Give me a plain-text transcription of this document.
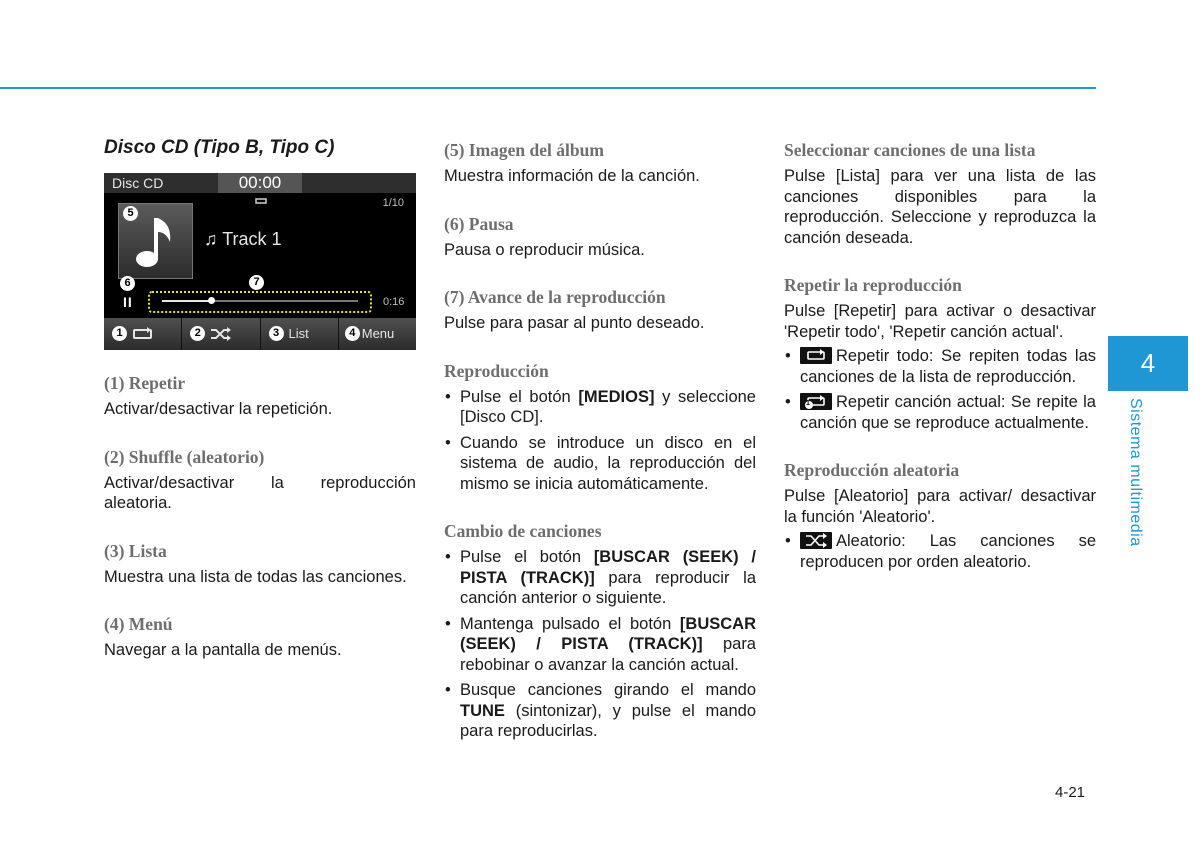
Disco CD (Tipo B, Tipo C)

Disc CD	00:00
1/10
5
♫ Track 1
6	7
II	0:16
1	2	3 List	4 Menu

(1) Repetir

Activar/desactivar la repetición.

(2) Shuffle (aleatorio)

Activar/desactivar la reproducción aleatoria.

(3) Lista

Muestra una lista de todas las canciones.

(4) Menú

Navegar a la pantalla de menús.

(5) Imagen del álbum

Muestra información de la canción.

(6) Pausa

Pausa o reproducir música.

(7) Avance de la reproducción

Pulse para pasar al punto deseado.

Reproducción

• Pulse el botón [MEDIOS] y seleccione [Disco CD].
• Cuando se introduce un disco en el sistema de audio, la reproducción del mismo se inicia automáticamente.

Cambio de canciones

• Pulse el botón [BUSCAR (SEEK) / PISTA (TRACK)] para reproducir la canción anterior o siguiente.
• Mantenga pulsado el botón [BUSCAR (SEEK) / PISTA (TRACK)] para rebobinar o avanzar la canción actual.
• Busque canciones girando el mando TUNE (sintonizar), y pulse el mando para reproducirlas.

Seleccionar canciones de una lista

Pulse [Lista] para ver una lista de las canciones disponibles para la reproducción. Seleccione y reproduzca la canción deseada.

Repetir la reproducción

Pulse [Repetir] para activar o desactivar 'Repetir todo', 'Repetir canción actual'.

• Repetir todo: Se repiten todas las canciones de la lista de reproducción.
• 1 Repetir canción actual: Se repite la canción que se reproduce actualmente.

Reproducción aleatoria

Pulse [Aleatorio] para activar/ desactivar la función 'Aleatorio'.

• Aleatorio: Las canciones se reproducen por orden aleatorio.
4
Sistema multimedia
4-21
